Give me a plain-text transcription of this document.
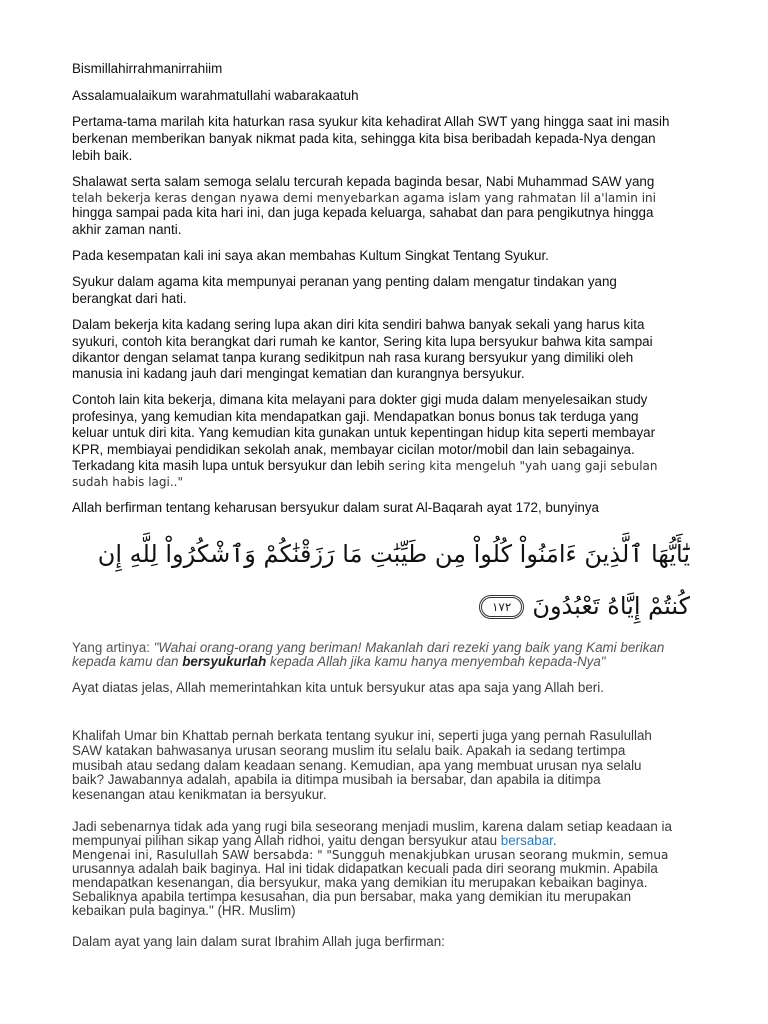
Bismillahirrahmanirrahiim
Assalamualaikum warahmatullahi wabarakaatuh
Pertama-tama marilah kita haturkan rasa syukur kita kehadirat Allah SWT yang hingga saat ini masih
berkenan memberikan banyak nikmat pada kita, sehingga kita bisa beribadah kepada-Nya dengan
lebih baik.
Shalawat serta salam semoga selalu tercurah kepada baginda besar, Nabi Muhammad SAW yang
telah bekerja keras dengan nyawa demi menyebarkan agama islam yang rahmatan lil a'lamin ini
hingga sampai pada kita hari ini, dan juga kepada keluarga, sahabat dan para pengikutnya hingga
akhir zaman nanti.
Pada kesempatan kali ini saya akan membahas Kultum Singkat Tentang Syukur.
Syukur dalam agama kita mempunyai peranan yang penting dalam mengatur tindakan yang
berangkat dari hati.
Dalam bekerja kita kadang sering lupa akan diri kita sendiri bahwa banyak sekali yang harus kita
syukuri, contoh kita berangkat dari rumah ke kantor, Sering kita lupa bersyukur bahwa kita sampai
dikantor dengan selamat tanpa kurang sedikitpun nah rasa kurang bersyukur yang dimiliki oleh
manusia ini kadang jauh dari mengingat kematian dan kurangnya bersyukur.
Contoh lain kita bekerja, dimana kita melayani para dokter gigi muda dalam menyelesaikan study
profesinya, yang kemudian kita mendapatkan gaji. Mendapatkan bonus bonus tak terduga yang
keluar untuk diri kita. Yang kemudian kita gunakan untuk kepentingan hidup kita seperti membayar
KPR, membiayai pendidikan sekolah anak, membayar cicilan motor/mobil dan lain sebagainya.
Terkadang kita masih lupa untuk bersyukur dan lebih sering kita mengeluh "yah uang gaji sebulan
sudah habis lagi.."
Allah berfirman tentang keharusan bersyukur dalam surat Al-Baqarah ayat 172, bunyinya
يَٰٓأَيُّهَا ٱلَّذِينَ ءَامَنُواْ كُلُواْ مِن طَيِّبَٰتِ مَا رَزَقْنَٰكُمْ وَٱشْكُرُواْ لِلَّهِ إِن
كُنتُمْ إِيَّاهُ تَعْبُدُونَ١٧٢
Yang artinya: "Wahai orang-orang yang beriman! Makanlah dari rezeki yang baik yang Kami berikan
kepada kamu dan bersyukurlah kepada Allah jika kamu hanya menyembah kepada-Nya"
Ayat diatas jelas, Allah memerintahkan kita untuk bersyukur atas apa saja yang Allah beri.
Khalifah Umar bin Khattab pernah berkata tentang syukur ini, seperti juga yang pernah Rasulullah
SAW katakan bahwasanya urusan seorang muslim itu selalu baik. Apakah ia sedang tertimpa
musibah atau sedang dalam keadaan senang. Kemudian, apa yang membuat urusan nya selalu
baik? Jawabannya adalah, apabila ia ditimpa musibah ia bersabar, dan apabila ia ditimpa
kesenangan atau kenikmatan ia bersyukur.
Jadi sebenarnya tidak ada yang rugi bila seseorang menjadi muslim, karena dalam setiap keadaan ia
mempunyai pilihan sikap yang Allah ridhoi, yaitu dengan bersyukur atau bersabar.
Mengenai ini, Rasulullah SAW bersabda: " "Sungguh menakjubkan urusan seorang mukmin, semua
urusannya adalah baik baginya. Hal ini tidak didapatkan kecuali pada diri seorang mukmin. Apabila
mendapatkan kesenangan, dia bersyukur, maka yang demikian itu merupakan kebaikan baginya.
Sebaliknya apabila tertimpa kesusahan, dia pun bersabar, maka yang demikian itu merupakan
kebaikan pula baginya." (HR. Muslim)
Dalam ayat yang lain dalam surat Ibrahim Allah juga berfirman:
